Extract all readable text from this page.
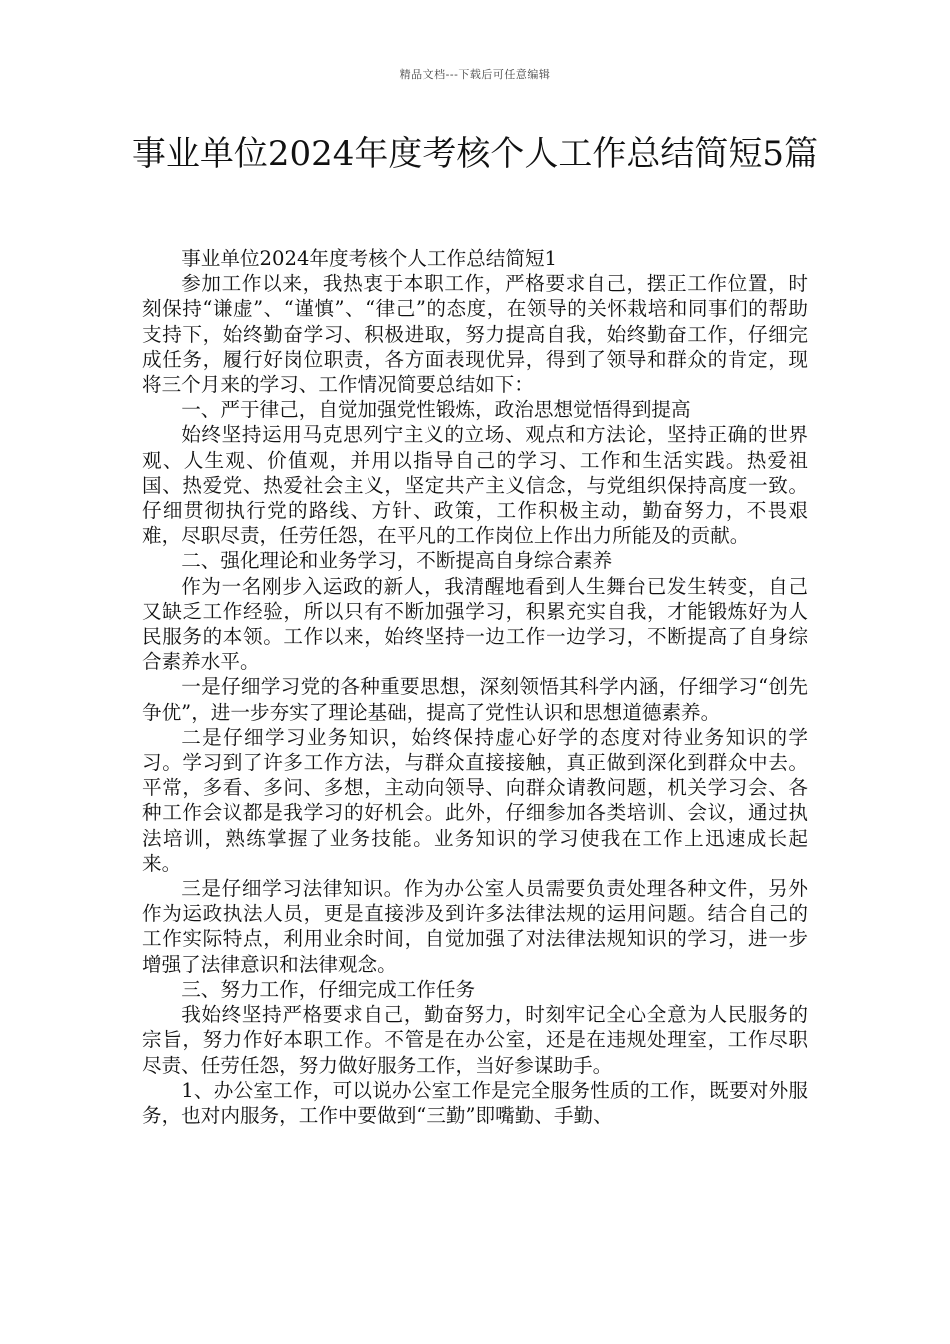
精品文档---下载后可任意编辑
事业单位2024年度考核个人工作总结简短5篇

事业单位2024年度考核个人工作总结简短1

参加工作以来，我热衷于本职工作，严格要求自己，摆正工作位置，时刻保持“谦虚”、“谨慎”、“律己”的态度，在领导的关怀栽培和同事们的帮助支持下，始终勤奋学习、积极进取，努力提高自我，始终勤奋工作，仔细完成任务，履行好岗位职责，各方面表现优异，得到了领导和群众的肯定，现将三个月来的学习、工作情况简要总结如下：

一、严于律己，自觉加强党性锻炼，政治思想觉悟得到提高

始终坚持运用马克思列宁主义的立场、观点和方法论，坚持正确的世界观、人生观、价值观，并用以指导自己的学习、工作和生活实践。热爱祖国、热爱党、热爱社会主义，坚定共产主义信念，与党组织保持高度一致。仔细贯彻执行党的路线、方针、政策，工作积极主动，勤奋努力，不畏艰难，尽职尽责，任劳任怨，在平凡的工作岗位上作出力所能及的贡献。

二、强化理论和业务学习，不断提高自身综合素养

作为一名刚步入运政的新人，我清醒地看到人生舞台已发生转变，自己又缺乏工作经验，所以只有不断加强学习，积累充实自我，才能锻炼好为人民服务的本领。工作以来，始终坚持一边工作一边学习，不断提高了自身综合素养水平。

一是仔细学习党的各种重要思想，深刻领悟其科学内涵，仔细学习“创先争优”，进一步夯实了理论基础，提高了党性认识和思想道德素养。

二是仔细学习业务知识，始终保持虚心好学的态度对待业务知识的学习。学习到了许多工作方法，与群众直接接触，真正做到深化到群众中去。平常，多看、多问、多想，主动向领导、向群众请教问题，机关学习会、各种工作会议都是我学习的好机会。此外，仔细参加各类培训、会议，通过执法培训，熟练掌握了业务技能。业务知识的学习使我在工作上迅速成长起来。

三是仔细学习法律知识。作为办公室人员需要负责处理各种文件，另外作为运政执法人员，更是直接涉及到许多法律法规的运用问题。结合自己的工作实际特点，利用业余时间，自觉加强了对法律法规知识的学习，进一步增强了法律意识和法律观念。

三、努力工作，仔细完成工作任务

我始终坚持严格要求自己，勤奋努力，时刻牢记全心全意为人民服务的宗旨，努力作好本职工作。不管是在办公室，还是在违规处理室，工作尽职尽责、任劳任怨，努力做好服务工作，当好参谋助手。

1、办公室工作，可以说办公室工作是完全服务性质的工作，既要对外服务，也对内服务，工作中要做到“三勤”即嘴勤、手勤、
